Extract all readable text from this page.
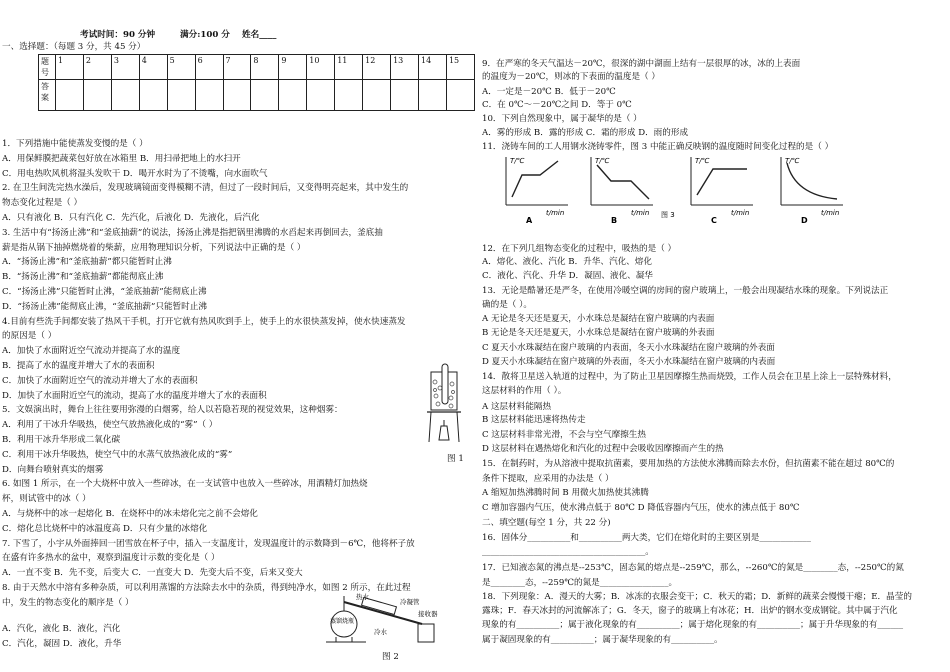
考试时间：90 分钟	满分:100 分 姓名____
一、选择题：（每题 3 分，共 45 分）
题号	1	2	3	4	5	6	7	8	9	10	11	12	13	14	15
答案															
1．下列措施中能使蒸发变慢的是（ ）
A．用保鲜膜把蔬菜包好放在冰箱里 B．用扫帚把地上的水扫开
C．用电热吹风机将湿头发吹干 D．喝开水时为了不烫嘴，向水面吹气
2. 在卫生间洗完热水澡后，发现玻璃镜面变得模糊不清，但过了一段时间后，又变得明亮起来，其中发生的
物态变化过程是（ ）
A．只有液化 B．只有汽化 C．先汽化，后液化 D．先液化，后汽化
3. 生活中有“扬汤止沸”和“釜底抽薪”的说法，扬汤止沸是指把锅里沸腾的水舀起来再倒回去，釜底抽
薪是指从锅下抽掉燃烧着的柴薪，应用物理知识分析，下列说法中正确的是（ ）
A．“扬汤止沸”和“釜底抽薪”都只能暂时止沸
B．“扬汤止沸”和“釜底抽薪”都能彻底止沸
C．“扬汤止沸”只能暂时止沸，“釜底抽薪”能彻底止沸
D．“扬汤止沸”能彻底止沸，“釜底抽薪”只能暂时止沸
4.目前有些洗手间都安装了热风干手机，打开它就有热风吹到手上，使手上的水很快蒸发掉，使水快速蒸发
的原因是（ ）
A．加快了水面附近空气流动并提高了水的温度
B．提高了水的温度并增大了水的表面积
C．加快了水面附近空气的流动并增大了水的表面积
D．加快了水面附近空气的流动，提高了水的温度并增大了水的表面积
5．文娱演出时，舞台上往往要用弥漫的白烟雾，给人以若隐若现的视觉效果，这种烟雾：
A．利用了干冰升华吸热，使空气放热液化成的“雾”（ ）
B．利用干冰升华形成二氧化碳
C．利用干冰升华吸热，使空气中的水蒸气放热液化成的“雾”
D．向舞台喷射真实的烟雾
6. 如图 1 所示，在一个大烧杯中放入一些碎冰，在一支试管中也放入一些碎冰，用酒精灯加热烧
杯，则试管中的冰（ ）
A．与烧杯中的冰一起熔化 B．在烧杯中的冰未熔化完之前不会熔化
C．熔化总比烧杯中的冰温度高 D．只有少量的冰熔化
7. 下雪了，小宇从外面捧回一团雪放在杯子中，插入一支温度计，发现温度计的示数降到－6℃，他将杯子放
在盛有许多热水的盆中，观察到温度计示数的变化是（ ）
A．一直不变 B．先不变，后变大 C．一直变大 D．先变大后不变，后来又变大
8. 由于天然水中溶有多种杂质，可以利用蒸馏的方法除去水中的杂质，得到纯净水，如图 2 所示，在此过程
中，发生的物态变化的顺序是（ ）
A．汽化，液化 B．液化，汽化
C．汽化，凝固 D．液化，升华
图 1
热水
冷凝管
冷水
蒸馏烧瓶
接收器
图 2
9．在严寒的冬天气温达－20℃，很深的湖中湖面上结有一层很厚的冰，冰的上表面
的温度为－20℃，则冰的下表面的温度是（ ）
A．一定是－20℃ B．低于－20℃
C．在 0℃～－20℃之间 D．等于 0℃
10．下列自然现象中，属于凝华的是（ ）
A．雾的形成 B．露的形成 C．霜的形成 D．雨的形成
11．浇铸车间的工人用钢水浇铸零件，图 3 中能正确反映钢的温度随时间变化过程的是（ ）
12．在下列几组物态变化的过程中，吸热的是（ ）
A．熔化、液化、汽化 B．升华、汽化、熔化
C．液化、汽化、升华 D．凝固、液化、凝华
13．无论是酷暑还是严冬，在使用冷暖空调的房间的窗户玻璃上，一般会出现凝结水珠的现象。下列说法正
确的是（ ）。
A 无论是冬天还是夏天，小水珠总是凝结在窗户玻璃的内表面
B 无论是冬天还是夏天，小水珠总是凝结在窗户玻璃的外表面
C 夏天小水珠凝结在窗户玻璃的内表面，冬天小水珠凝结在窗户玻璃的外表面
D 夏天小水珠凝结在窗户玻璃的外表面，冬天小水珠凝结在窗户玻璃的内表面
14．散将卫星送入轨道的过程中，为了防止卫星因摩擦生热而烧毁，工作人员会在卫星上涂上一层特殊材料，
这层材料的作用（ ）。
A 这层材料能隔热
B 这层材料能迅速将热传走
C 这层材料非常光滑，不会与空气摩擦生热
D 这层材料在遇热熔化和汽化的过程中会吸收因摩擦而产生的热
15．在制药时，为从溶液中提取抗菌素，要用加热的方法使水沸腾而除去水份，但抗菌素不能在超过 80℃的
条件下提取，应采用的办法是（ ）
A 缩短加热沸腾时间 B 用微火加热使其沸腾
C 增加容器内气压，使水沸点低于 80℃ D 降低容器内气压，使水的沸点低于 80℃
二、填空题(每空 1 分，共 22 分)
16．固体分__________和__________两大类，它们在熔化时的主要区别是____________
______________________________________。
17．已知液态氮的沸点是--253℃，固态氮的熔点是--259℃，那么，--260℃的氮是________态，--250℃的氮
是________态，--259℃的氮是________________。
18．下列现象：A．漫天的大雾；B．冰冻的衣服会变干；C．秋天的霜；D．新鲜的蔬菜会慢慢干瘪；E．晶莹的
露珠；F．春天冰封的河流解冻了；G．冬天，窗子的玻璃上有冰花；H．出炉的钢水变成钢锭。其中属于汽化
现象的有__________；属于液化现象的有__________；属于熔化现象的有__________；属于升华现象的有______
属于凝固现象的有__________；属于凝华现象的有__________。
T/℃
t/min
A
T/℃
t/min
B
T/℃
t/min
C
T/℃
t/min
D
图 3
